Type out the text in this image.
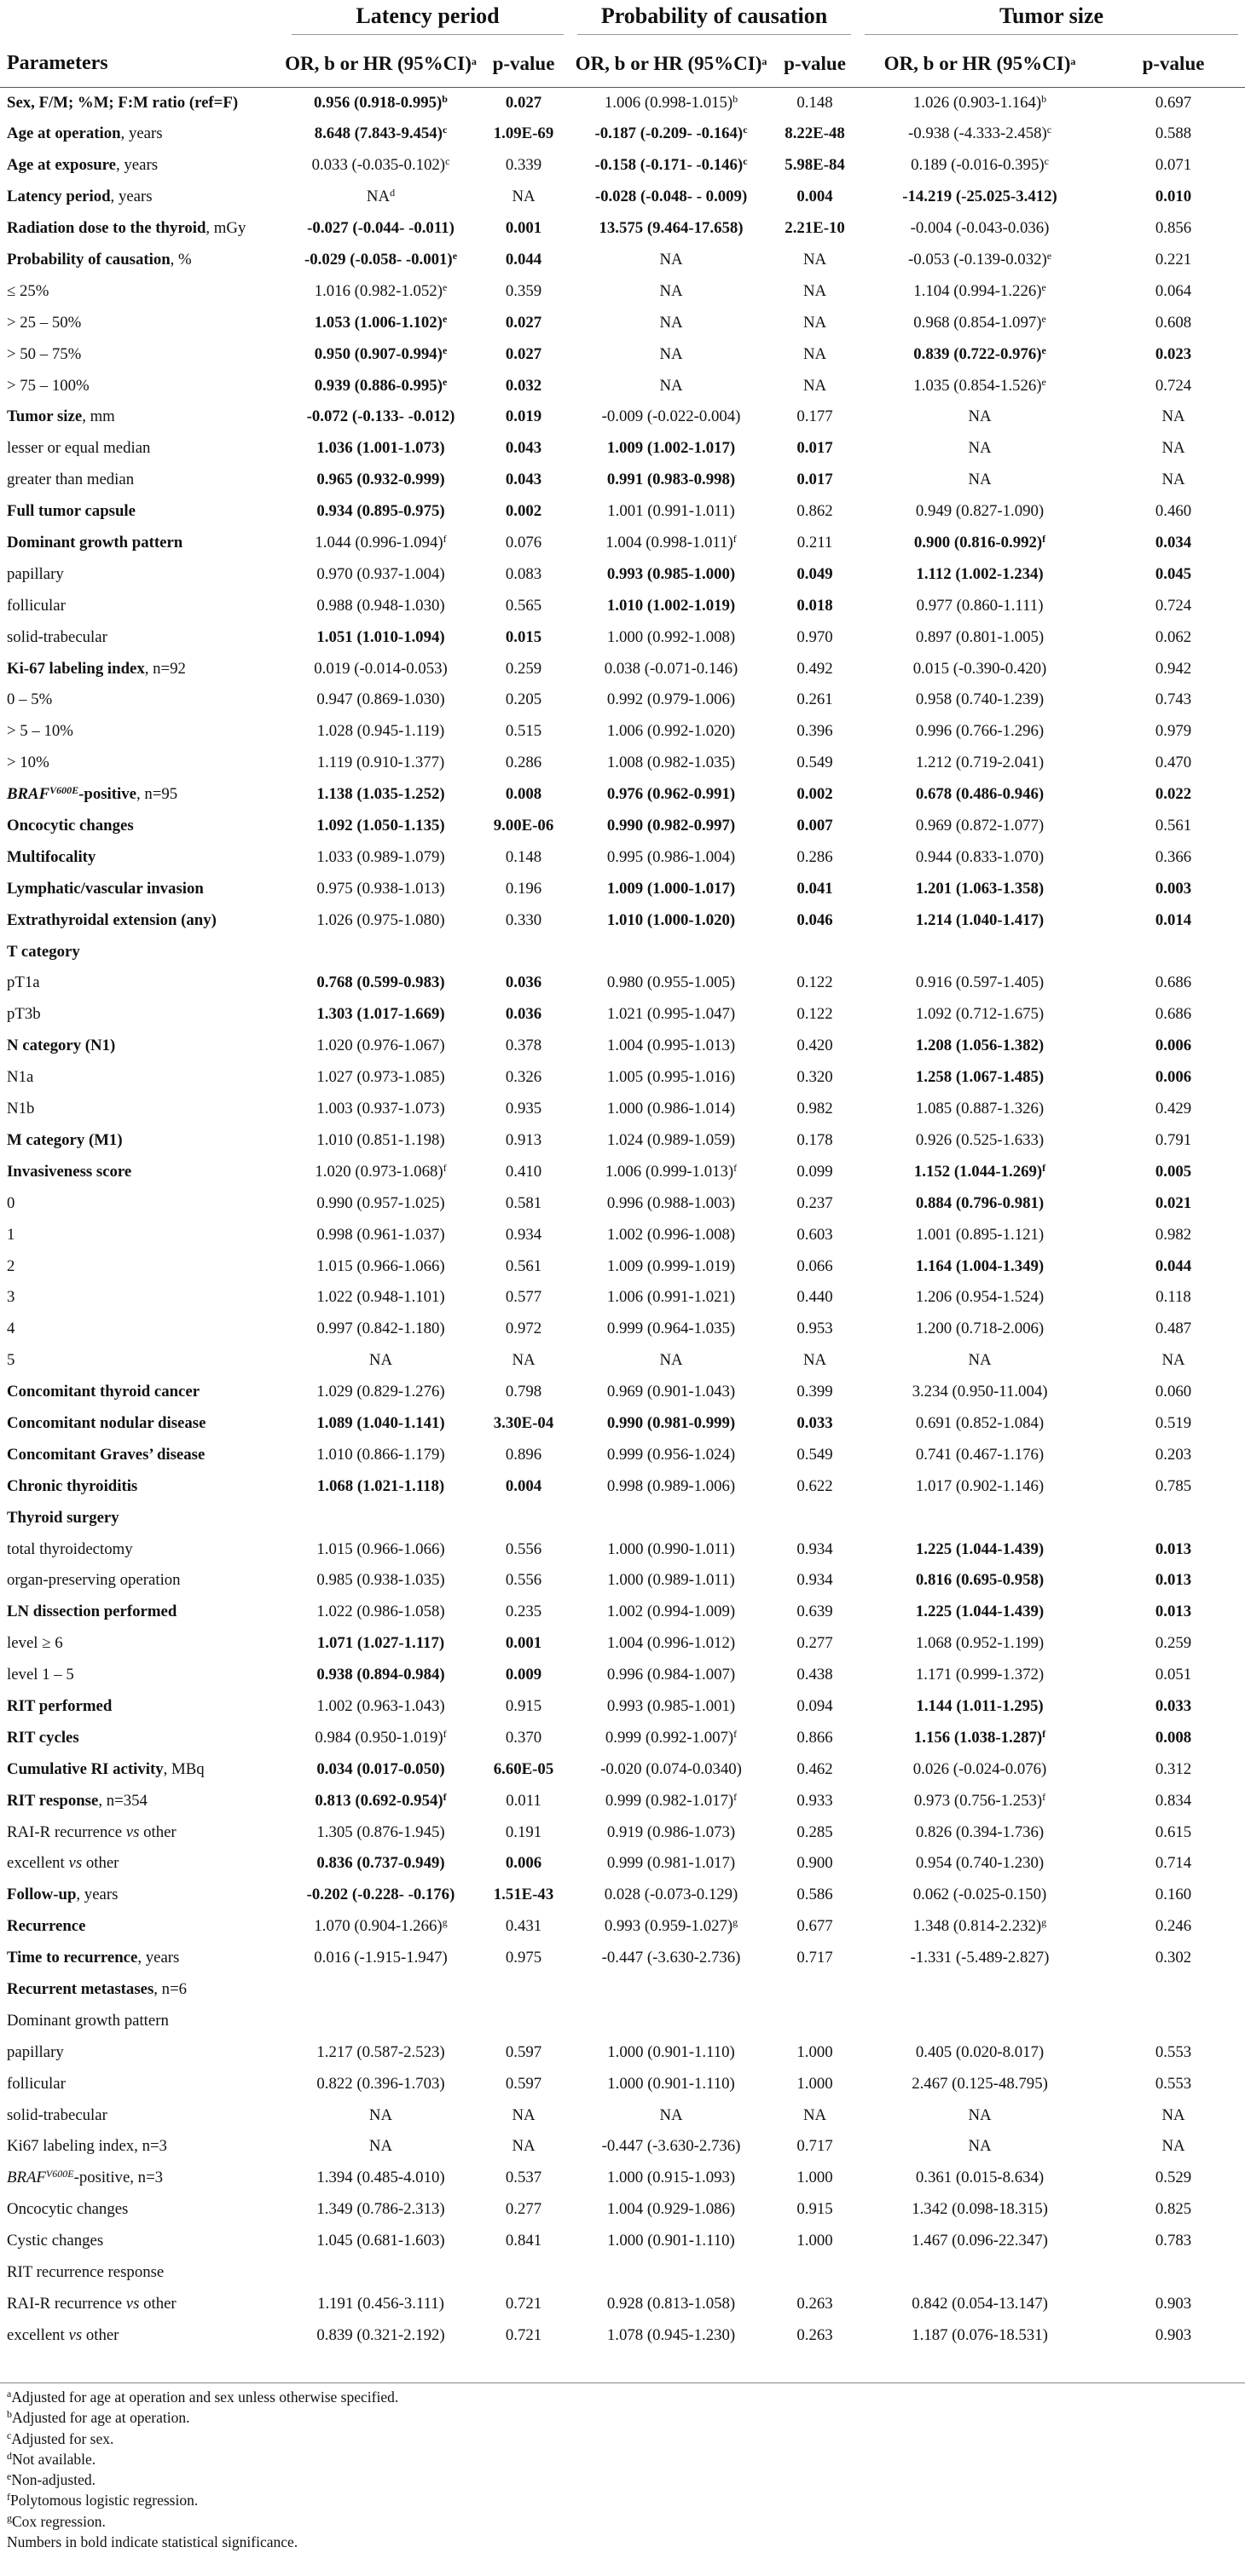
	Latency period		Probability of causation		Tumor size	

Parameters	OR, b or HR $(95\%CI)^a$	p-value	OR, b or HR $(95\%CI)^a$	p-value	OR, b or HR $(95\%CI)^a$	p-value
Sex, F/M; %M; F:M ratio (ref=F)	0.956 $(0.918-0.995)^b$	0.027	1.006 $(0.998-1.015)^b$	0.148	1.026 $(0.903-1.164)^b$	0.697
Age at operation, years	8.648 $(7.843-9.454)^c$	1.09E-69	-0.187 (-0.209- -0.164)$^c$	8.22E-48	-0.938 $(-4.333-2.458)^c$	0.588
Age at exposure, years	0.033 $(-0.035-0.102)^c$	0.339	-0.158 (-0.171- -0.146)$^c$	5.98E-84	0.189 $(-0.016-0.395)^c$	0.071
Latency period, years	$NA^d$	NA	-0.028 (-0.048- - 0.009)	0.004	-14.219 (-25.025-3.412)	0.010
Radiation dose to the thyroid, mGy	-0.027 (-0.044- -0.011)	0.001	13.575 (9.464-17.658)	2.21E-10	-0.004 (-0.043-0.036)	0.856
Probability of causation, %	-0.029 (-0.058- -0.001)$^e$	0.044	NA	NA	-0.053 $(-0.139-0.032)^e$	0.221
≤ 25%	1.016 $(0.982-1.052)^e$	0.359	NA	NA	1.104 $(0.994-1.226)^e$	0.064
> 25 – 50%	1.053 $(1.006-1.102)^e$	0.027	NA	NA	0.968 $(0.854-1.097)^e$	0.608
> 50 – 75%	0.950 $(0.907-0.994)^e$	0.027	NA	NA	0.839 $(0.722-0.976)^e$	0.023
> 75 – 100%	0.939 $(0.886-0.995)^e$	0.032	NA	NA	1.035 $(0.854-1.526)^e$	0.724
Tumor size, mm	-0.072 (-0.133- -0.012)	0.019	-0.009 (-0.022-0.004)	0.177	NA	NA
lesser or equal median	1.036 (1.001-1.073)	0.043	1.009 (1.002-1.017)	0.017	NA	NA
greater than median	0.965 (0.932-0.999)	0.043	0.991 (0.983-0.998)	0.017	NA	NA
Full tumor capsule	0.934 (0.895-0.975)	0.002	1.001 (0.991-1.011)	0.862	0.949 (0.827-1.090)	0.460
Dominant growth pattern	1.044 $(0.996-1.094)^f$	0.076	1.004 $(0.998-1.011)^f$	0.211	0.900 $(0.816-0.992)^f$	0.034
papillary	0.970 (0.937-1.004)	0.083	0.993 (0.985-1.000)	0.049	1.112 (1.002-1.234)	0.045
follicular	0.988 (0.948-1.030)	0.565	1.010 (1.002-1.019)	0.018	0.977 (0.860-1.111)	0.724
solid-trabecular	1.051 (1.010-1.094)	0.015	1.000 (0.992-1.008)	0.970	0.897 (0.801-1.005)	0.062
Ki-67 labeling index, n=92	0.019 (-0.014-0.053)	0.259	0.038 (-0.071-0.146)	0.492	0.015 (-0.390-0.420)	0.942
0 – 5%	0.947 (0.869-1.030)	0.205	0.992 (0.979-1.006)	0.261	0.958 (0.740-1.239)	0.743
> 5 – 10%	1.028 (0.945-1.119)	0.515	1.006 (0.992-1.020)	0.396	0.996 (0.766-1.296)	0.979
> 10%	1.119 (0.910-1.377)	0.286	1.008 (0.982-1.035)	0.549	1.212 (0.719-2.041)	0.470
$BRAF^{V600E}$-positive, n=95	1.138 (1.035-1.252)	0.008	0.976 (0.962-0.991)	0.002	0.678 (0.486-0.946)	0.022
Oncocytic changes	1.092 (1.050-1.135)	9.00E-06	0.990 (0.982-0.997)	0.007	0.969 (0.872-1.077)	0.561
Multifocality	1.033 (0.989-1.079)	0.148	0.995 (0.986-1.004)	0.286	0.944 (0.833-1.070)	0.366
Lymphatic/vascular invasion	0.975 (0.938-1.013)	0.196	1.009 (1.000-1.017)	0.041	1.201 (1.063-1.358)	0.003
Extrathyroidal extension (any)	1.026 (0.975-1.080)	0.330	1.010 (1.000-1.020)	0.046	1.214 (1.040-1.417)	0.014
T category						
pT1a	0.768 (0.599-0.983)	0.036	0.980 (0.955-1.005)	0.122	0.916 (0.597-1.405)	0.686
pT3b	1.303 (1.017-1.669)	0.036	1.021 (0.995-1.047)	0.122	1.092 (0.712-1.675)	0.686
N category (N1)	1.020 (0.976-1.067)	0.378	1.004 (0.995-1.013)	0.420	1.208 (1.056-1.382)	0.006
N1a	1.027 (0.973-1.085)	0.326	1.005 (0.995-1.016)	0.320	1.258 (1.067-1.485)	0.006
N1b	1.003 (0.937-1.073)	0.935	1.000 (0.986-1.014)	0.982	1.085 (0.887-1.326)	0.429
M category (M1)	1.010 (0.851-1.198)	0.913	1.024 (0.989-1.059)	0.178	0.926 (0.525-1.633)	0.791
Invasiveness score	1.020 $(0.973-1.068)^f$	0.410	1.006 $(0.999-1.013)^f$	0.099	1.152 $(1.044-1.269)^f$	0.005
0	0.990 (0.957-1.025)	0.581	0.996 (0.988-1.003)	0.237	0.884 (0.796-0.981)	0.021
1	0.998 (0.961-1.037)	0.934	1.002 (0.996-1.008)	0.603	1.001 (0.895-1.121)	0.982
2	1.015 (0.966-1.066)	0.561	1.009 (0.999-1.019)	0.066	1.164 (1.004-1.349)	0.044
3	1.022 (0.948-1.101)	0.577	1.006 (0.991-1.021)	0.440	1.206 (0.954-1.524)	0.118
4	0.997 (0.842-1.180)	0.972	0.999 (0.964-1.035)	0.953	1.200 (0.718-2.006)	0.487
5	NA	NA	NA	NA	NA	NA
Concomitant thyroid cancer	1.029 (0.829-1.276)	0.798	0.969 (0.901-1.043)	0.399	3.234 (0.950-11.004)	0.060
Concomitant nodular disease	1.089 (1.040-1.141)	3.30E-04	0.990 (0.981-0.999)	0.033	0.691 (0.852-1.084)	0.519
Concomitant Graves’ disease	1.010 (0.866-1.179)	0.896	0.999 (0.956-1.024)	0.549	0.741 (0.467-1.176)	0.203
Chronic thyroiditis	1.068 (1.021-1.118)	0.004	0.998 (0.989-1.006)	0.622	1.017 (0.902-1.146)	0.785
Thyroid surgery						
total thyroidectomy	1.015 (0.966-1.066)	0.556	1.000 (0.990-1.011)	0.934	1.225 (1.044-1.439)	0.013
organ-preserving operation	0.985 (0.938-1.035)	0.556	1.000 (0.989-1.011)	0.934	0.816 (0.695-0.958)	0.013
LN dissection performed	1.022 (0.986-1.058)	0.235	1.002 (0.994-1.009)	0.639	1.225 (1.044-1.439)	0.013
level ≥ 6	1.071 (1.027-1.117)	0.001	1.004 (0.996-1.012)	0.277	1.068 (0.952-1.199)	0.259
level 1 – 5	0.938 (0.894-0.984)	0.009	0.996 (0.984-1.007)	0.438	1.171 (0.999-1.372)	0.051
RIT performed	1.002 (0.963-1.043)	0.915	0.993 (0.985-1.001)	0.094	1.144 (1.011-1.295)	0.033
RIT cycles	0.984 $(0.950-1.019)^f$	0.370	0.999 $(0.992-1.007)^f$	0.866	1.156 $(1.038-1.287)^f$	0.008
Cumulative RI activity, MBq	0.034 (0.017-0.050)	6.60E-05	-0.020 (0.074-0.0340)	0.462	0.026 (-0.024-0.076)	0.312
RIT response, n=354	0.813 $(0.692-0.954)^f$	0.011	0.999 $(0.982-1.017)^f$	0.933	0.973 $(0.756-1.253)^f$	0.834
RAI-R recurrence vs other	1.305 (0.876-1.945)	0.191	0.919 (0.986-1.073)	0.285	0.826 (0.394-1.736)	0.615
excellent vs other	0.836 (0.737-0.949)	0.006	0.999 (0.981-1.017)	0.900	0.954 (0.740-1.230)	0.714
Follow-up, years	-0.202 (-0.228- -0.176)	1.51E-43	0.028 (-0.073-0.129)	0.586	0.062 (-0.025-0.150)	0.160
Recurrence	1.070 $(0.904-1.266)^g$	0.431	0.993 $(0.959-1.027)^g$	0.677	1.348 $(0.814-2.232)^g$	0.246
Time to recurrence, years	0.016 (-1.915-1.947)	0.975	-0.447 (-3.630-2.736)	0.717	-1.331 (-5.489-2.827)	0.302
Recurrent metastases, n=6						
Dominant growth pattern						
papillary	1.217 (0.587-2.523)	0.597	1.000 (0.901-1.110)	1.000	0.405 (0.020-8.017)	0.553
follicular	0.822 (0.396-1.703)	0.597	1.000 (0.901-1.110)	1.000	2.467 (0.125-48.795)	0.553
solid-trabecular	NA	NA	NA	NA	NA	NA
Ki67 labeling index, n=3	NA	NA	-0.447 (-3.630-2.736)	0.717	NA	NA
$BRAF^{V600E}$-positive, n=3	1.394 (0.485-4.010)	0.537	1.000 (0.915-1.093)	1.000	0.361 (0.015-8.634)	0.529
Oncocytic changes	1.349 (0.786-2.313)	0.277	1.004 (0.929-1.086)	0.915	1.342 (0.098-18.315)	0.825
Cystic changes	1.045 (0.681-1.603)	0.841	1.000 (0.901-1.110)	1.000	1.467 (0.096-22.347)	0.783
RIT recurrence response						
RAI-R recurrence vs other	1.191 (0.456-3.111)	0.721	0.928 (0.813-1.058)	0.263	0.842 (0.054-13.147)	0.903
excellent vs other	0.839 (0.321-2.192)	0.721	1.078 (0.945-1.230)	0.263	1.187 (0.076-18.531)	0.903
$^a$Adjusted for age at operation and sex unless otherwise specified.
$^b$Adjusted for age at operation.
$^c$Adjusted for sex.
$^d$Not available.
$^e$Non-adjusted.
$^f$Polytomous logistic regression.
$^g$Cox regression.
Numbers in bold indicate statistical significance.
